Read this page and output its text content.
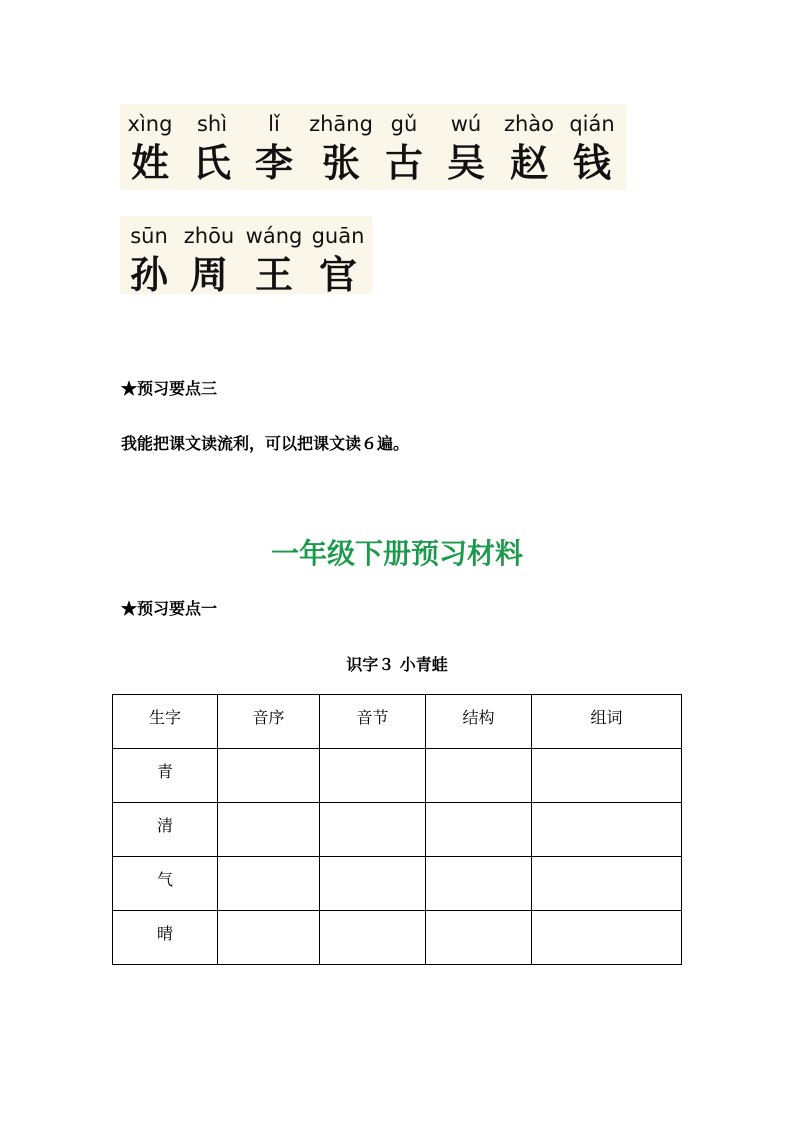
xìng
姓
shì
氏
lǐ
李
zhāng
张
gǔ
古
wú
吴
zhào
赵
qián
钱
sūn
孙
zhōu
周
wáng
王
guān
官
★预习要点三
我能把课文读流利，可以把课文读６遍。
一年级下册预习材料
★预习要点一
识字３ 小青蛙
生字	音序	音节	结构	组词
青				
清				
气				
晴				
